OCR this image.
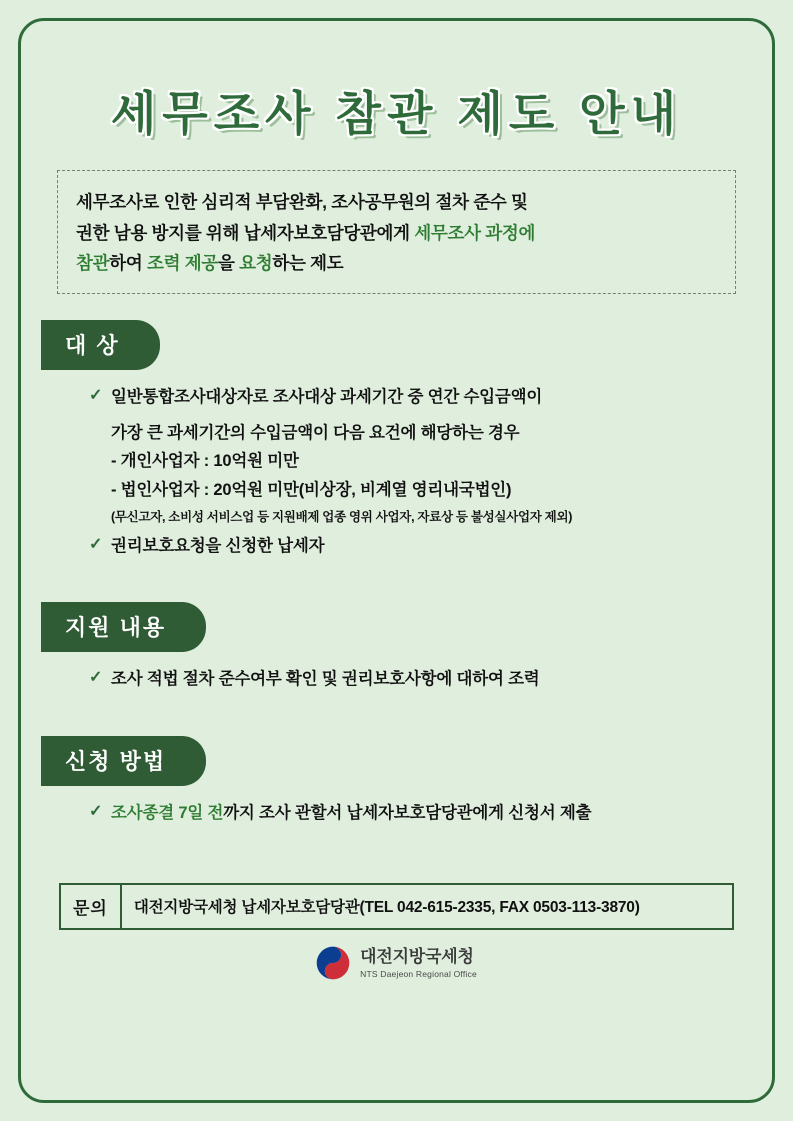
세무조사 참관 제도 안내
세무조사로 인한 심리적 부담완화, 조사공무원의 절차 준수 및
권한 남용 방지를 위해 납세자보호담당관에게 세무조사 과정에
참관하여 조력 제공을 요청하는 제도
대 상
✓ 일반통합조사대상자로 조사대상 과세기간 중 연간 수입금액이
가장 큰 과세기간의 수입금액이 다음 요건에 해당하는 경우
- 개인사업자 : 10억원 미만
- 법인사업자 : 20억원 미만(비상장, 비계열 영리내국법인)
(무신고자, 소비성 서비스업 등 지원배제 업종 영위 사업자, 자료상 등 불성실사업자 제외)
✓ 권리보호요청을 신청한 납세자
지원 내용
✓ 조사 적법 절차 준수여부 확인 및 권리보호사항에 대하여 조력
신청 방법
✓ 조사종결 7일 전까지 조사 관할서 납세자보호담당관에게 신청서 제출
문의	대전지방국세청 납세자보호담당관(TEL 042-615-2335, FAX 0503-113-3870)
대전지방국세청
NTS Daejeon Regional Office
